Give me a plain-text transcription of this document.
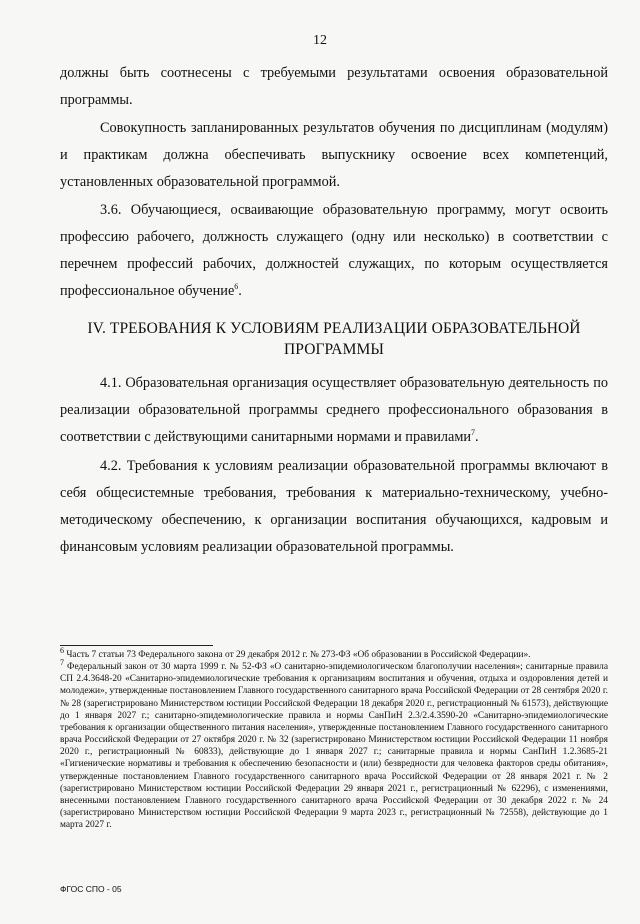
12

должны быть соотнесены с требуемыми результатами освоения образовательной программы.

Совокупность запланированных результатов обучения по дисциплинам (модулям) и практикам должна обеспечивать выпускнику освоение всех компетенций, установленных образовательной программой.

3.6. Обучающиеся, осваивающие образовательную программу, могут освоить профессию рабочего, должность служащего (одну или несколько) в соответствии с перечнем профессий рабочих, должностей служащих, по которым осуществляется профессиональное обучение$^6$.

IV. ТРЕБОВАНИЯ К УСЛОВИЯМ РЕАЛИЗАЦИИ ОБРАЗОВАТЕЛЬНОЙ
ПРОГРАММЫ

4.1. Образовательная организация осуществляет образовательную деятельность по реализации образовательной программы среднего профессионального образования в соответствии с действующими санитарными нормами и правилами$^7$.

4.2. Требования к условиям реализации образовательной программы включают в себя общесистемные требования, требования к материально-техническому, учебно-методическому обеспечению, к организации воспитания обучающихся, кадровым и финансовым условиям реализации образовательной программы.

$^6$ Часть 7 статьи 73 Федерального закона от 29 декабря 2012 г. № 273-ФЗ «Об образовании в Российской Федерации».

$^7$ Федеральный закон от 30 марта 1999 г. № 52-ФЗ «О санитарно-эпидемиологическом благополучии населения»; санитарные правила СП 2.4.3648-20 «Санитарно-эпидемиологические требования к организациям воспитания и обучения, отдыха и оздоровления детей и молодежи», утвержденные постановлением Главного государственного санитарного врача Российской Федерации от 28 сентября 2020 г. № 28 (зарегистрировано Министерством юстиции Российской Федерации 18 декабря 2020 г., регистрационный № 61573), действующие до 1 января 2027 г.; санитарно-эпидемиологические правила и нормы СанПиН 2.3/2.4.3590-20 «Санитарно-эпидемиологические требования к организации общественного питания населения», утвержденные постановлением Главного государственного санитарного врача Российской Федерации от 27 октября 2020 г. № 32 (зарегистрировано Министерством юстиции Российской Федерации 11 ноября 2020 г., регистрационный № 60833), действующие до 1 января 2027 г.; санитарные правила и нормы СанПиН 1.2.3685-21 «Гигиенические нормативы и требования к обеспечению безопасности и (или) безвредности для человека факторов среды обитания», утвержденные постановлением Главного государственного санитарного врача Российской Федерации от 28 января 2021 г. № 2 (зарегистрировано Министерством юстиции Российской Федерации 29 января 2021 г., регистрационный № 62296), с изменениями, внесенными постановлением Главного государственного санитарного врача Российской Федерации от 30 декабря 2022 г. № 24 (зарегистрировано Министерством юстиции Российской Федерации 9 марта 2023 г., регистрационный № 72558), действующие до 1 марта 2027 г.

ФГОС СПО - 05
